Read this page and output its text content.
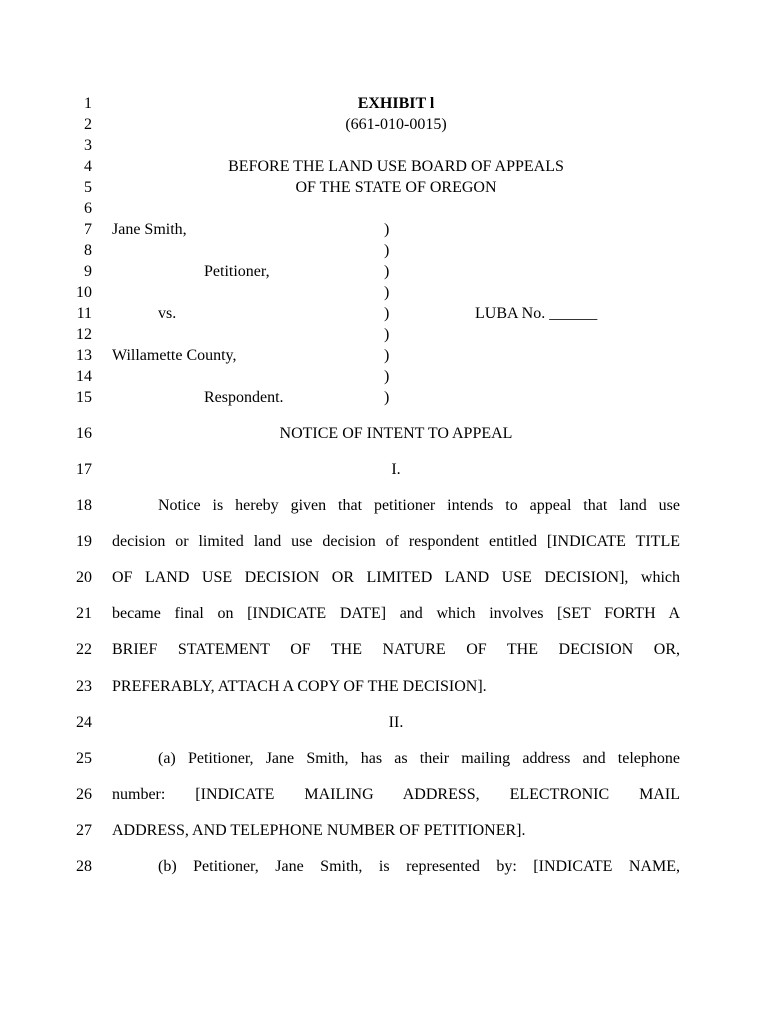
1
2
3
4
5
6
7
8
9
10
11
12
13
14
15
16
17
18
19
20
21
22
23
24
25
26
27
28
EXHIBIT l
(661-010-0015)
BEFORE THE LAND USE BOARD OF APPEALS
OF THE STATE OF OREGON
Jane Smith,
Petitioner,
vs.
Willamette County,
Respondent.
LUBA No. ______
)
)
)
)
)
)
)
)
)
NOTICE OF INTENT TO APPEAL
I.
Notice is hereby given that petitioner intends to appeal that land use
decision or limited land use decision of respondent entitled [INDICATE TITLE
OF LAND USE DECISION OR LIMITED LAND USE DECISION], which
became final on [INDICATE DATE] and which involves [SET FORTH A
BRIEF STATEMENT OF THE NATURE OF THE DECISION OR,
PREFERABLY, ATTACH A COPY OF THE DECISION].
II.
(a) Petitioner, Jane Smith, has as their mailing address and telephone
number: [INDICATE MAILING ADDRESS, ELECTRONIC MAIL
ADDRESS, AND TELEPHONE NUMBER OF PETITIONER].
(b) Petitioner, Jane Smith, is represented by: [INDICATE NAME,
